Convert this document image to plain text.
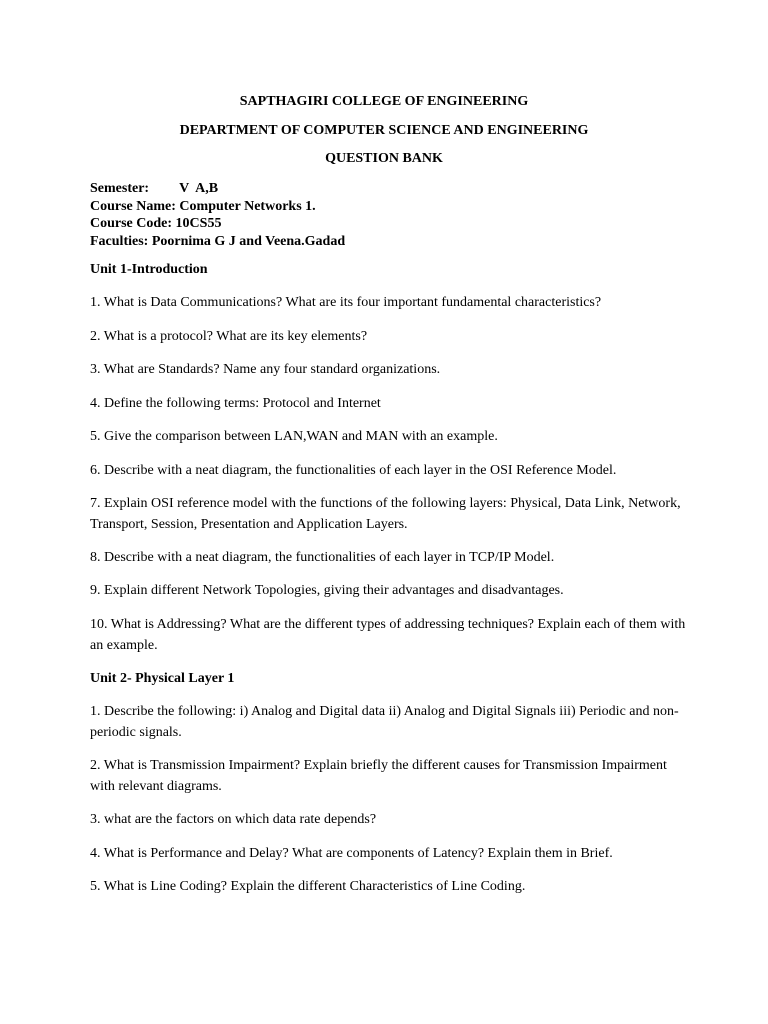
SAPTHAGIRI COLLEGE OF ENGINEERING
DEPARTMENT OF COMPUTER SCIENCE AND ENGINEERING
QUESTION BANK
Semester: V  A,B
Course Name: Computer Networks 1.
Course Code: 10CS55
Faculties: Poornima G J and Veena.Gadad
Unit 1-Introduction
1. What is Data Communications? What are its four important fundamental characteristics?
2. What is a protocol? What are its key elements?
3. What are Standards? Name any four standard organizations.
4. Define the following terms: Protocol and Internet
5. Give the comparison between LAN,WAN and MAN with an example.
6. Describe with a neat diagram, the functionalities of each layer in the OSI Reference Model.
7. Explain OSI reference model with the functions of the following layers: Physical, Data Link, Network, Transport, Session, Presentation and Application Layers.
8. Describe with a neat diagram, the functionalities of each layer in TCP/IP Model.
9. Explain different Network Topologies, giving their advantages and disadvantages.
10. What is Addressing? What are the different types of addressing techniques? Explain each of them with an example.
Unit 2- Physical Layer 1
1. Describe the following: i) Analog and Digital data ii) Analog and Digital Signals iii) Periodic and non-periodic signals.
2. What is Transmission Impairment? Explain briefly the different causes for Transmission Impairment with relevant diagrams.
3. what are the factors on which data rate depends?
4. What is Performance and Delay? What are components of Latency? Explain them in Brief.
5. What is Line Coding? Explain the different Characteristics of Line Coding.
